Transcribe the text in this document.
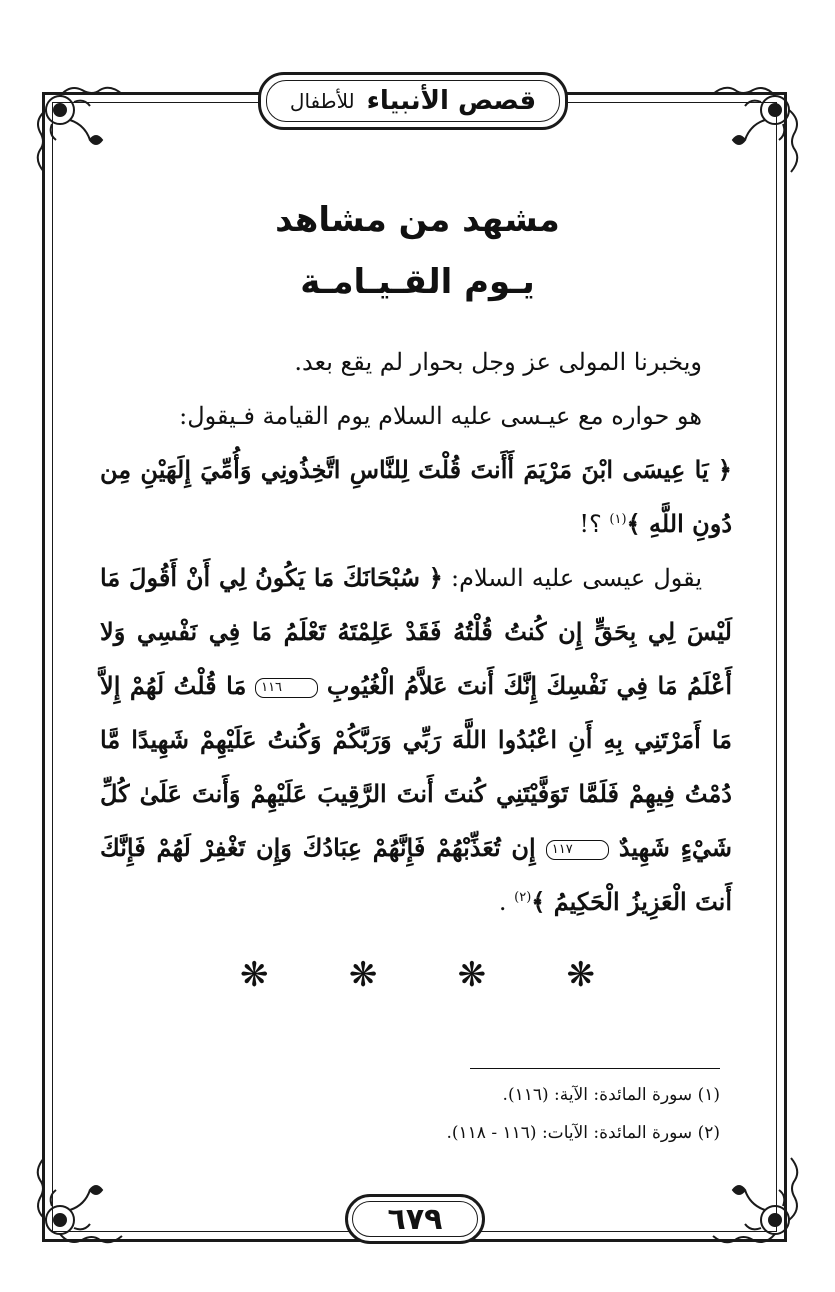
قصص الأنبياء
للأطفال
مشهد من مشاهد
يـوم القـيـامـة

ويخبرنا المولى عز وجل بحوار لم يقع بعد.

هو حواره مع عيـسى عليه السلام يوم القيامة فـيقول:

﴿ يَا عِيسَى ابْنَ مَرْيَمَ أَأَنتَ قُلْتَ لِلنَّاسِ اتَّخِذُونِي وَأُمِّيَ إِلَهَيْنِ مِن دُونِ اللَّهِ ﴾$^{(١)}$ ؟!

يقول عيسى عليه السلام: ﴿ سُبْحَانَكَ مَا يَكُونُ لِي أَنْ أَقُولَ مَا لَيْسَ لِي بِحَقٍّ إِن كُنتُ قُلْتُهُ فَقَدْ عَلِمْتَهُ تَعْلَمُ مَا فِي نَفْسِي وَلا أَعْلَمُ مَا فِي نَفْسِكَ إِنَّكَ أَنتَ عَلاَّمُ الْغُيُوبِ ١١٦ مَا قُلْتُ لَهُمْ إِلاَّ مَا أَمَرْتَنِي بِهِ أَنِ اعْبُدُوا اللَّهَ رَبِّي وَرَبَّكُمْ وَكُنتُ عَلَيْهِمْ شَهِيدًا مَّا دُمْتُ فِيهِمْ فَلَمَّا تَوَفَّيْتَنِي كُنتَ أَنتَ الرَّقِيبَ عَلَيْهِمْ وَأَنتَ عَلَىٰ كُلِّ شَيْءٍ شَهِيدٌ ١١٧ إِن تُعَذِّبْهُمْ فَإِنَّهُمْ عِبَادُكَ وَإِن تَغْفِرْ لَهُمْ فَإِنَّكَ أَنتَ الْعَزِيزُ الْحَكِيمُ ﴾$^{(٢)}$ .

❋
❋
❋
❋
(١) سورة المائدة: الآية: (١١٦).
(٢) سورة المائدة: الآيات: (١١٦ - ١١٨).
٦٧٩
